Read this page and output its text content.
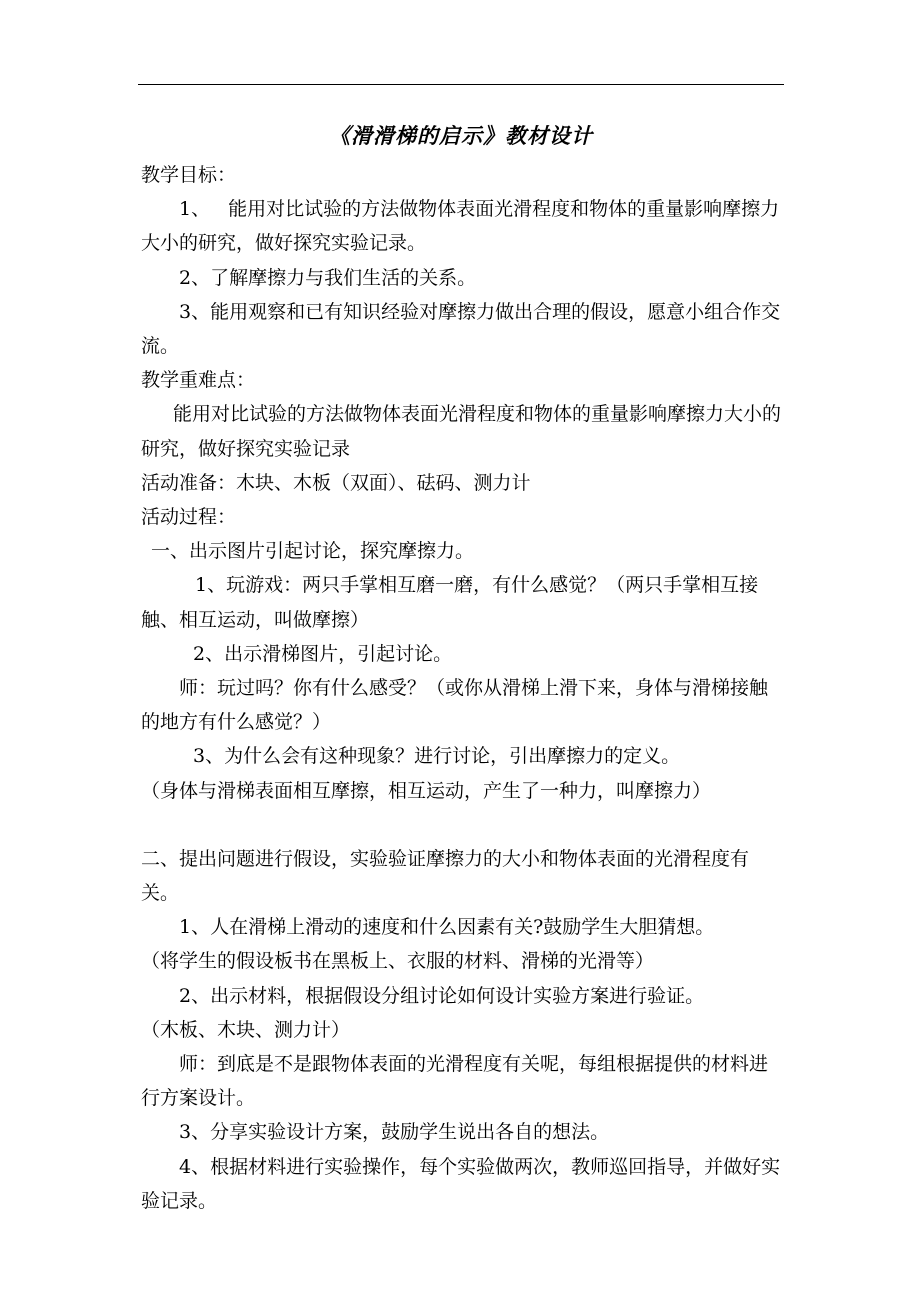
《滑滑梯的启示》教材设计

教学目标：

1、 能用对比试验的方法做物体表面光滑程度和物体的重量影响摩擦力大小的研究，做好探究实验记录。

2、了解摩擦力与我们生活的关系。

3、能用观察和已有知识经验对摩擦力做出合理的假设，愿意小组合作交流。

教学重难点：

能用对比试验的方法做物体表面光滑程度和物体的重量影响摩擦力大小的研究，做好探究实验记录

活动准备：木块、木板（双面）、砝码、测力计

活动过程：

一、出示图片引起讨论，探究摩擦力。

1、玩游戏：两只手掌相互磨一磨，有什么感觉？（两只手掌相互接触、相互运动，叫做摩擦）

2、出示滑梯图片，引起讨论。

师：玩过吗？你有什么感受？（或你从滑梯上滑下来，身体与滑梯接触的地方有什么感觉？）

3、为什么会有这种现象？进行讨论，引出摩擦力的定义。

（身体与滑梯表面相互摩擦，相互运动，产生了一种力，叫摩擦力）

二、提出问题进行假设，实验验证摩擦力的大小和物体表面的光滑程度有关。

1、人在滑梯上滑动的速度和什么因素有关?鼓励学生大胆猜想。

（将学生的假设板书在黑板上、衣服的材料、滑梯的光滑等）

2、出示材料，根据假设分组讨论如何设计实验方案进行验证。

（木板、木块、测力计）

师：到底是不是跟物体表面的光滑程度有关呢，每组根据提供的材料进行方案设计。

3、分享实验设计方案，鼓励学生说出各自的想法。

4、根据材料进行实验操作，每个实验做两次，教师巡回指导，并做好实验记录。
